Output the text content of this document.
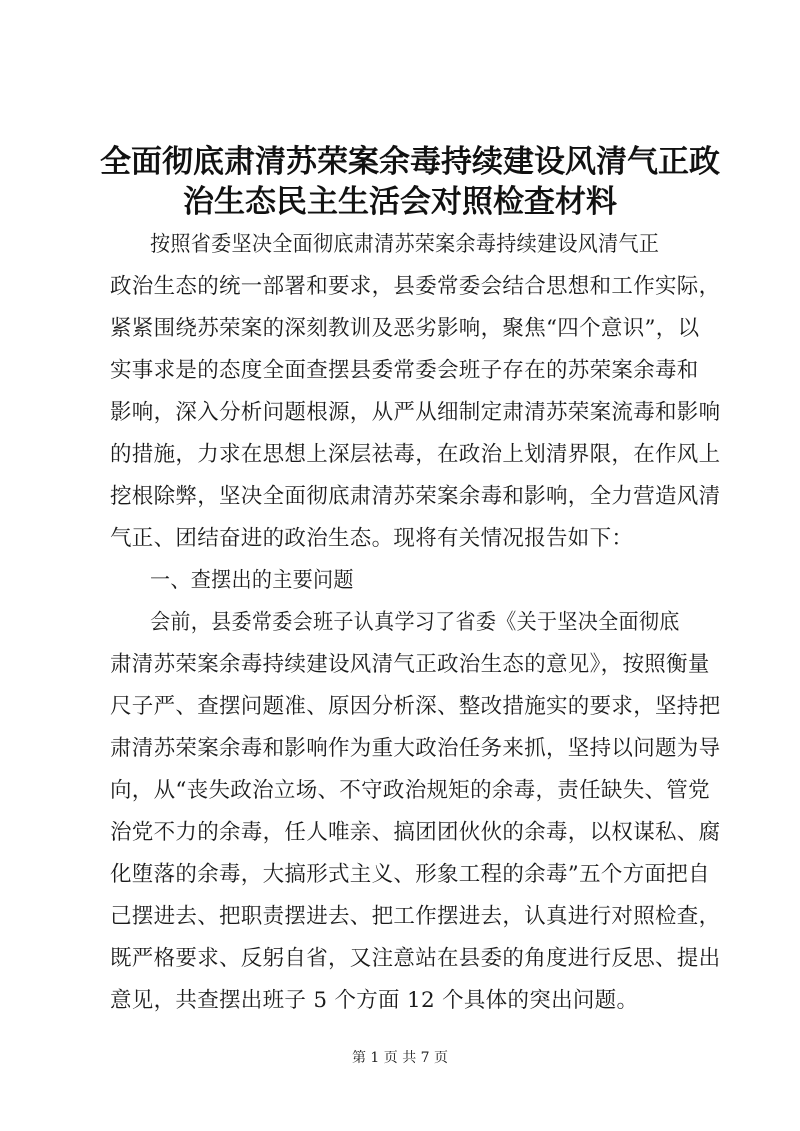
全面彻底肃清苏荣案余毒持续建设风清气正政
治生态民主生活会对照检查材料

按照省委坚决全面彻底肃清苏荣案余毒持续建设风清气正

政治生态的统一部署和要求，县委常委会结合思想和工作实际，

紧紧围绕苏荣案的深刻教训及恶劣影响，聚焦“四个意识”，以

实事求是的态度全面查摆县委常委会班子存在的苏荣案余毒和

影响，深入分析问题根源，从严从细制定肃清苏荣案流毒和影响

的措施，力求在思想上深层祛毒，在政治上划清界限，在作风上

挖根除弊，坚决全面彻底肃清苏荣案余毒和影响，全力营造风清

气正、团结奋进的政治生态。现将有关情况报告如下：

一、查摆出的主要问题

会前，县委常委会班子认真学习了省委《关于坚决全面彻底

肃清苏荣案余毒持续建设风清气正政治生态的意见》，按照衡量

尺子严、查摆问题准、原因分析深、整改措施实的要求，坚持把

肃清苏荣案余毒和影响作为重大政治任务来抓，坚持以问题为导

向，从“丧失政治立场、不守政治规矩的余毒，责任缺失、管党

治党不力的余毒，任人唯亲、搞团团伙伙的余毒，以权谋私、腐

化堕落的余毒，大搞形式主义、形象工程的余毒”五个方面把自

己摆进去、把职责摆进去、把工作摆进去，认真进行对照检查，

既严格要求、反躬自省，又注意站在县委的角度进行反思、提出

意见，共查摆出班子 5 个方面 12 个具体的突出问题。

第 1 页 共 7 页
